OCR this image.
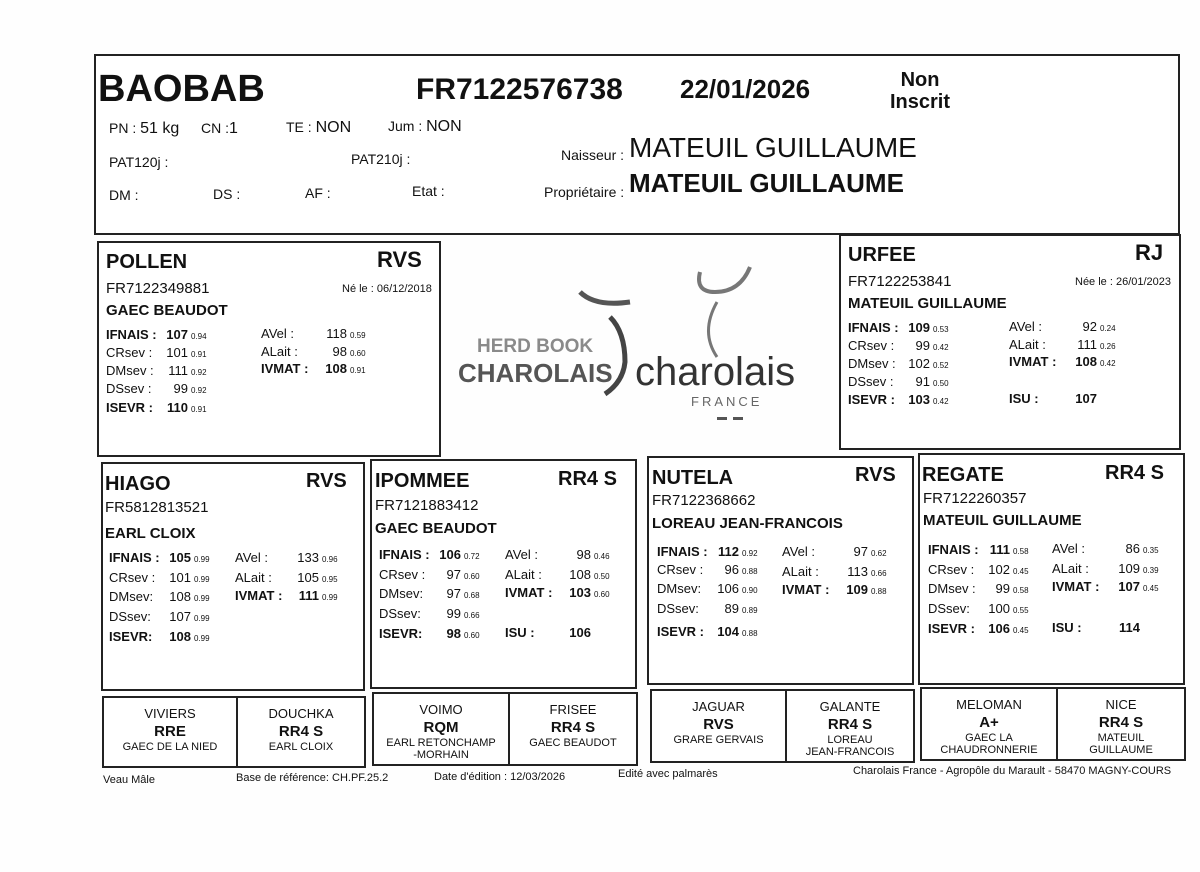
BAOBAB	FR7122576738 22/01/2026	Non
Inscrit
PN : 51 kg CN :1	TE : NON	Jum : NON
PAT120j :	PAT210j :
DM :	DS :	AF :	Etat :
Naisseur : MATEUIL GUILLAUME
Propriétaire : MATEUIL GUILLAUME
POLLEN	RVS
FR7122349881	Né le : 06/12/2018
GAEC BEAUDOT
IFNAIS : 107 0.94
CRsev : 101 0.91
DMsev : 111 0.92
DSsev : 99 0.92
ISEVR : 110 0.91
AVel : 118 0.59
ALait :	98 0.60
IVMAT : 108 0.91
HERD BOOK
CHAROLAIS charolais
FRANCE
URFEE	RJ
FR7122253841	Née le : 26/01/2023
MATEUIL GUILLAUME
IFNAIS : 109 0.53
CRsev : 99 0.42
DMsev : 102 0.52
DSsev : 91 0.50
ISEVR : 103 0.42
AVel :	92 0.24
ALait : 111 0.26
IVMAT : 108 0.42
ISU :	107
HIAGO	RVS
FR5812813521
EARL CLOIX
IFNAIS : 105 0.99
CRsev : 101 0.99
DMsev: 108 0.99
DSsev: 107 0.99
ISEVR: 108 0.99
AVel : 133 0.96
ALait : 105 0.95
IVMAT : 111 0.99
IPOMMEE	RR4 S
FR7121883412
GAEC BEAUDOT
IFNAIS : 106 0.72
CRsev : 97 0.60
DMsev: 97 0.68
DSsev: 99 0.66
ISEVR: 98 0.60
AVel :	98 0.46
ALait : 108 0.50
IVMAT : 103 0.60
ISU :	106
NUTELA	RVS
FR7122368662
LOREAU JEAN-FRANCOIS
IFNAIS : 112 0.92
CRsev : 96 0.88
DMsev: 106 0.90
DSsev: 89 0.89
ISEVR : 104 0.88
AVel :	97 0.62
ALait : 113 0.66
IVMAT : 109 0.88
REGATE	RR4 S
FR7122260357
MATEUIL GUILLAUME
IFNAIS : 111 0.58
CRsev : 102 0.45
DMsev : 99 0.58
DSsev: 100 0.55
ISEVR : 106 0.45
AVel :	86 0.35
ALait : 109 0.39
IVMAT : 107 0.45
ISU :	114
VIVIERS
RRE
GAEC DE LA NIED
DOUCHKA
RR4 S
EARL CLOIX
VOIMO
RQM
EARL RETONCHAMP
-MORHAIN
FRISEE
RR4 S
GAEC BEAUDOT
JAGUAR
RVS
GRARE GERVAIS
GALANTE
RR4 S
LOREAU
JEAN-FRANCOIS
MELOMAN
A+
GAEC LA
CHAUDRONNERIE
NICE
RR4 S
MATEUIL
GUILLAUME
Veau Mâle	Base de référence: CH.PF.25.2	Date d'édition : 12/03/2026	Edité avec palmarès	Charolais France - Agropôle du Marault - 58470 MAGNY-COURS
